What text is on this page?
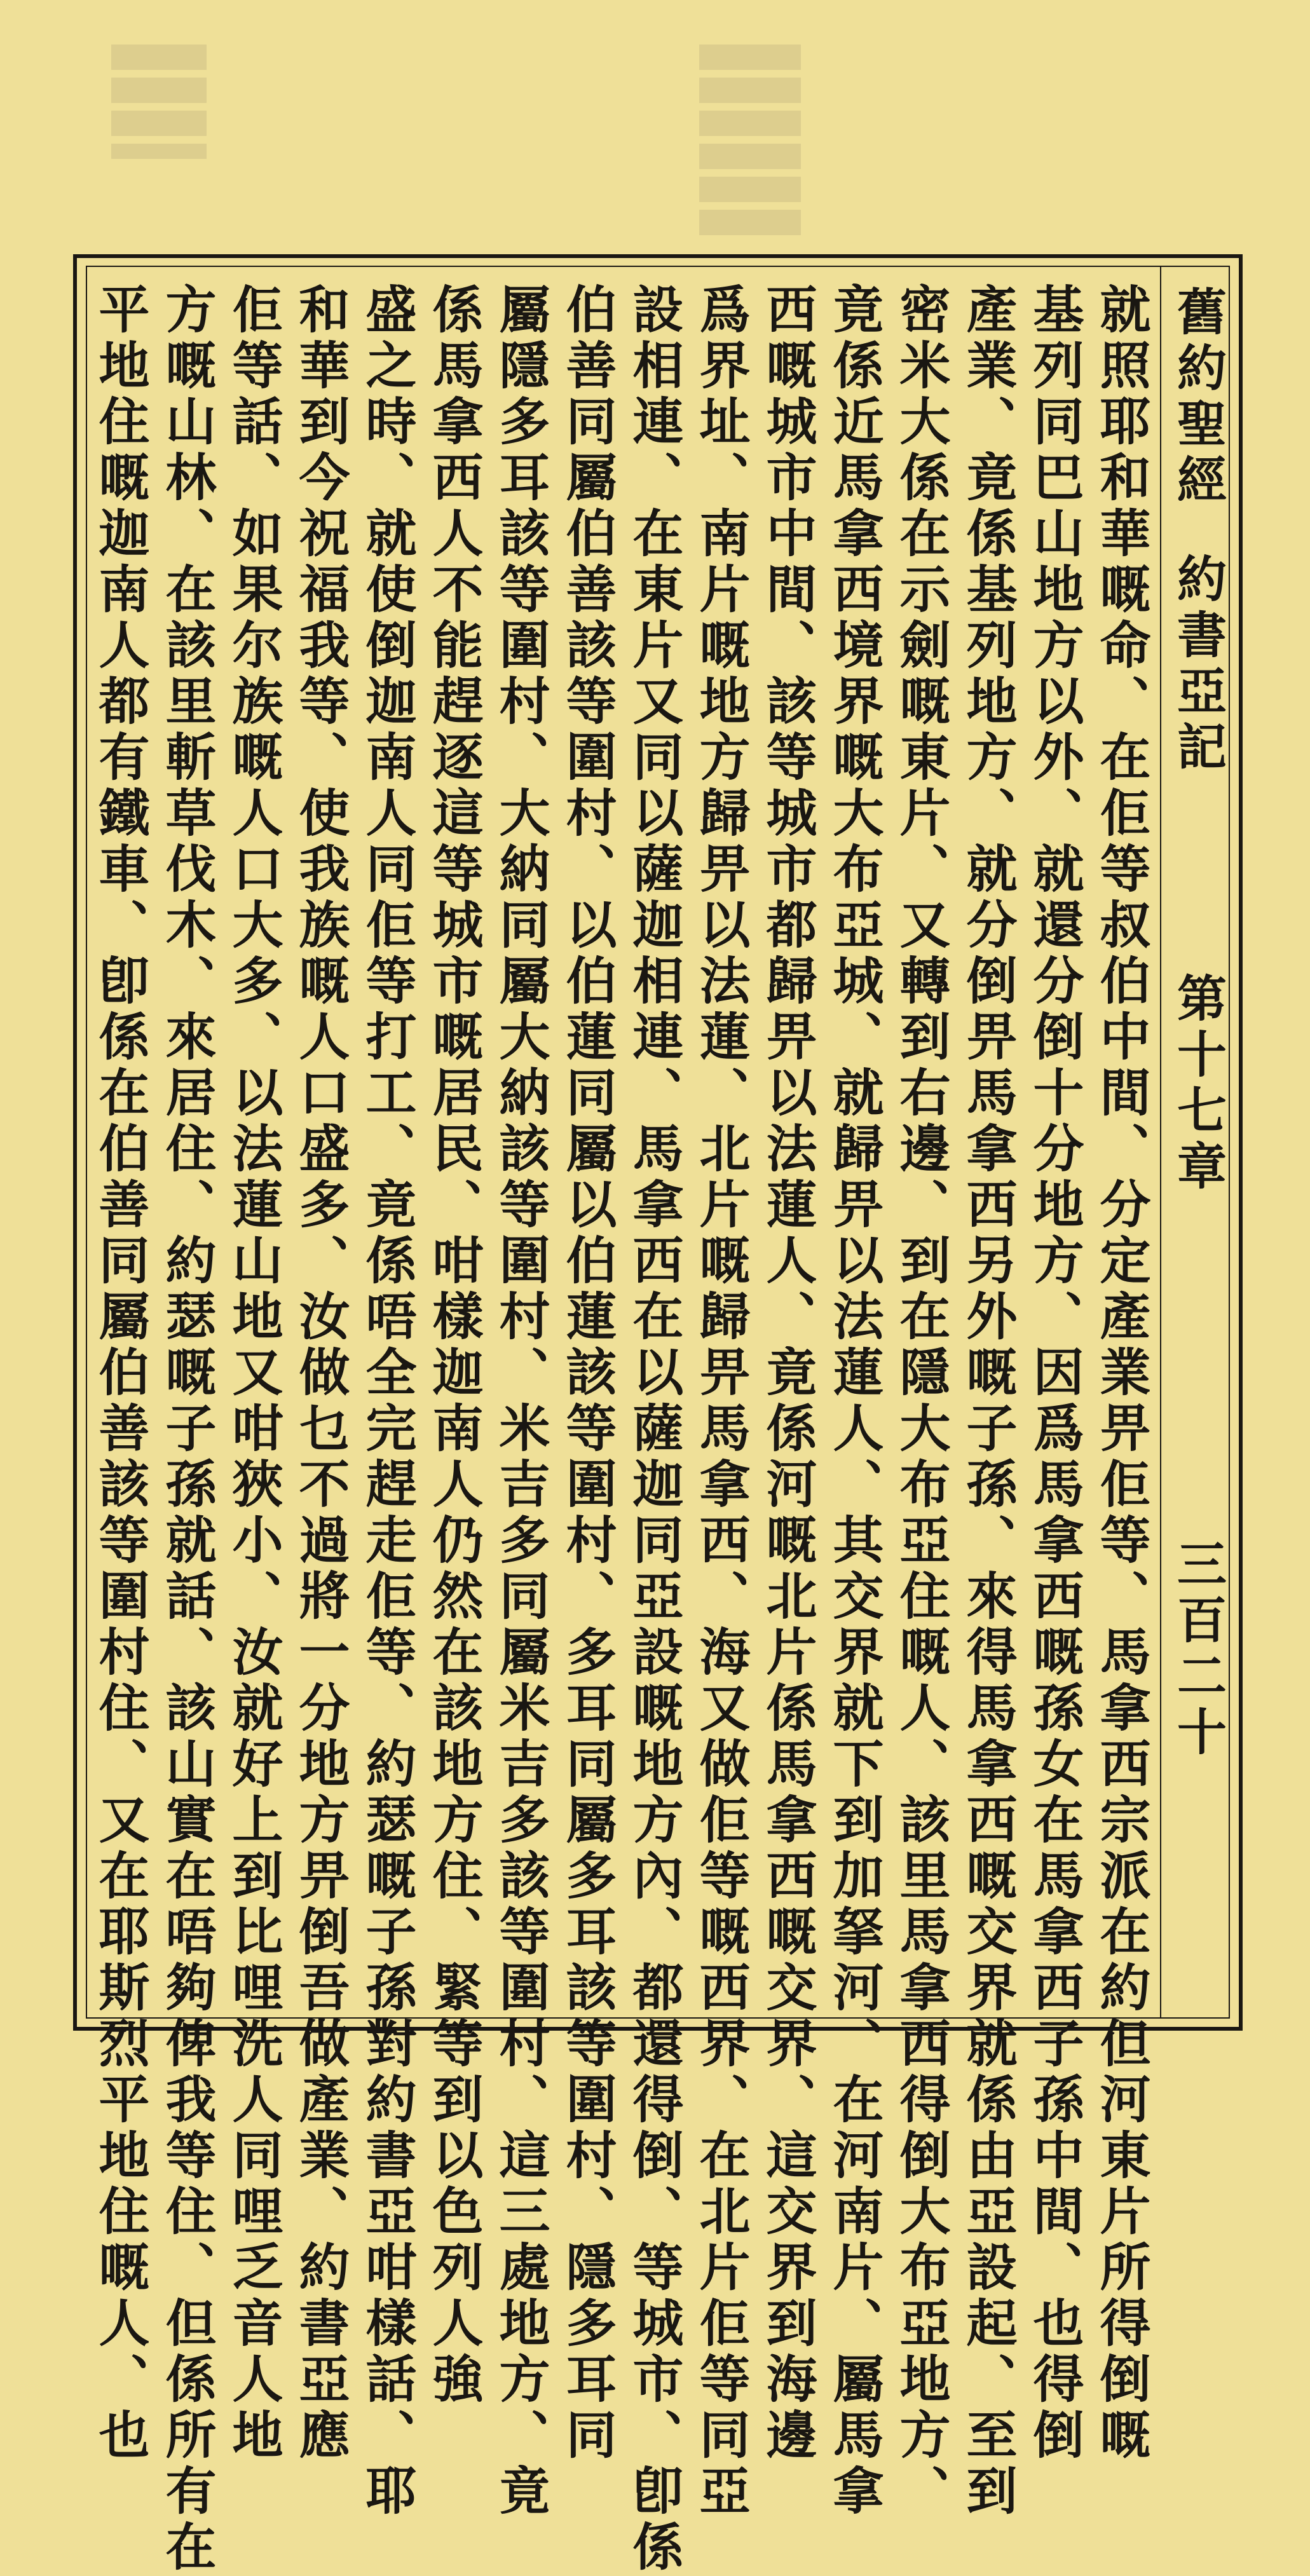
舊約聖經
約書亞記
第十七章
三百二十
就照耶和華嘅命、在佢等叔伯中間、分定產業畀佢等、馬拿西宗派在約但河東片所得倒嘅
基列同巴山地方以外、就還分倒十分地方、因爲馬拿西嘅孫女在馬拿西子孫中間、也得倒
產業、竟係基列地方、就分倒畀馬拿西另外嘅子孫、來得馬拿西嘅交界就係由亞設起、至到
密米大係在示劍嘅東片、又轉到右邊、到在隱大布亞住嘅人、該里馬拿西得倒大布亞地方、
竟係近馬拿西境界嘅大布亞城、就歸畀以法蓮人、其交界就下到加拏河、在河南片、屬馬拿
西嘅城市中間、該等城市都歸畀以法蓮人、竟係河嘅北片係馬拿西嘅交界、這交界到海邊
爲界址、南片嘅地方歸畀以法蓮、北片嘅歸畀馬拿西、海又做佢等嘅西界、在北片佢等同亞
設相連、在東片又同以薩迦相連、馬拿西在以薩迦同亞設嘅地方內、都還得倒、等城市、卽係
伯善同屬伯善該等圍村、以伯蓮同屬以伯蓮該等圍村、多耳同屬多耳該等圍村、隱多耳同
屬隱多耳該等圍村、大納同屬大納該等圍村、米吉多同屬米吉多該等圍村、這三處地方、竟
係馬拿西人不能趕逐這等城市嘅居民、咁樣迦南人仍然在該地方住、緊等到以色列人強
盛之時、就使倒迦南人同佢等打工、竟係唔全完趕走佢等、約瑟嘅子孫對約書亞咁樣話、耶
和華到今祝福我等、使我族嘅人口盛多、汝做乜不過將一分地方畀倒吾做產業、約書亞應
佢等話、如果尔族嘅人口大多、以法蓮山地又咁狹小、汝就好上到比哩洗人同哩乏音人地
方嘅山林、在該里斬草伐木、來居住、約瑟嘅子孫就話、該山實在唔夠俾我等住、但係所有在
平地住嘅迦南人都有鐵車、卽係在伯善同屬伯善該等圍村住、又在耶斯烈平地住嘅人、也
